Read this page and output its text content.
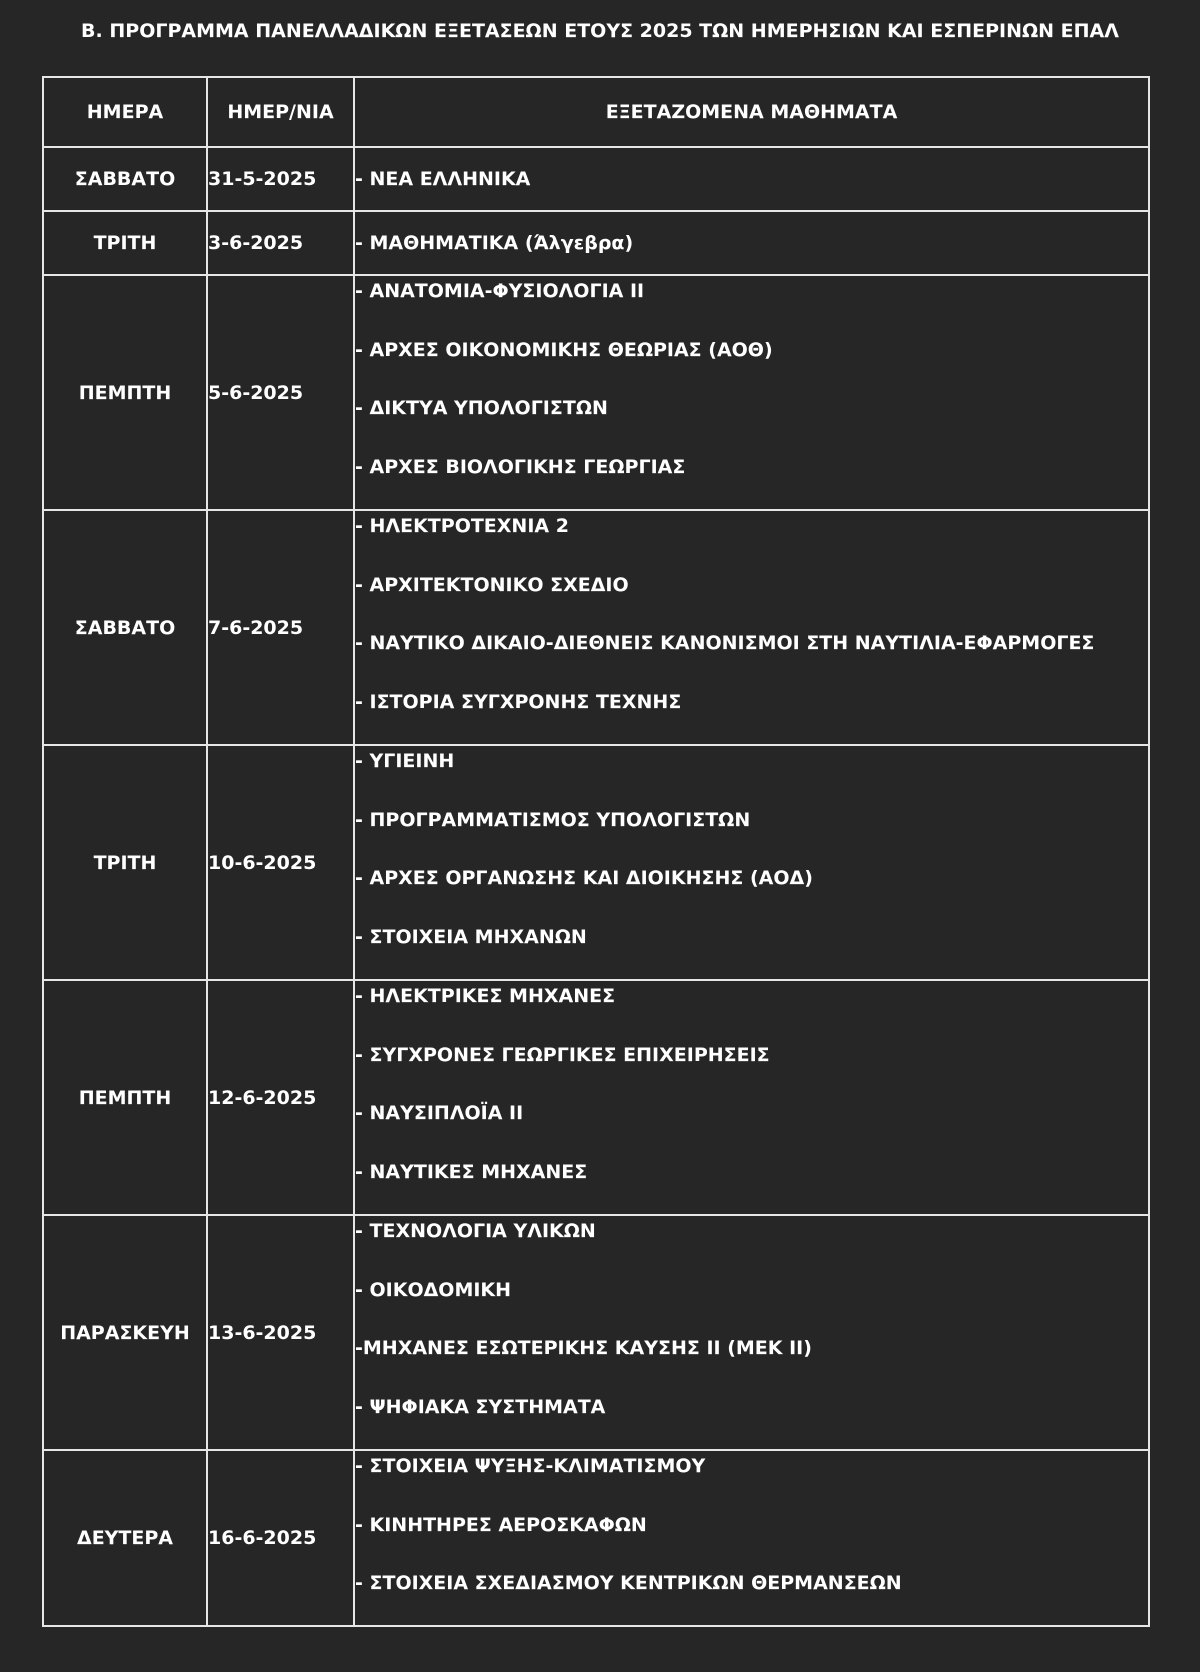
Β. ΠΡΟΓΡΑΜΜΑ ΠΑΝΕΛΛΑΔΙΚΩΝ ΕΞΕΤΑΣΕΩΝ ΕΤΟΥΣ 2025 ΤΩΝ ΗΜΕΡΗΣΙΩΝ ΚΑΙ ΕΣΠΕΡΙΝΩΝ ΕΠΑΛ
ΗΜΕΡΑ	ΗΜΕΡ/ΝΙΑ	ΕΞΕΤΑΖΟΜΕΝΑ ΜΑΘΗΜΑΤΑ
ΣΑΒΒΑΤΟ	31-5-2025	- ΝΕΑ ΕΛΛΗΝΙΚΑ

ΤΡΙΤΗ	3-6-2025	- ΜΑΘΗΜΑΤΙΚΑ (Άλγεβρα)

ΠΕΜΠΤΗ	5-6-2025	- ΑΝΑΤΟΜΙΑ-ΦΥΣΙΟΛΟΓΙΑ ΙΙ
- ΑΡΧΕΣ ΟΙΚΟΝΟΜΙΚΗΣ ΘΕΩΡΙΑΣ (ΑΟΘ)
- ΔΙΚΤΥΑ ΥΠΟΛΟΓΙΣΤΩΝ
- ΑΡΧΕΣ ΒΙΟΛΟΓΙΚΗΣ ΓΕΩΡΓΙΑΣ

ΣΑΒΒΑΤΟ	7-6-2025	- ΗΛΕΚΤΡΟΤΕΧΝΙΑ 2
- ΑΡΧΙΤΕΚΤΟΝΙΚΟ ΣΧΕΔΙΟ
- ΝΑΥΤΙΚΟ ΔΙΚΑΙΟ-ΔΙΕΘΝΕΙΣ ΚΑΝΟΝΙΣΜΟΙ ΣΤΗ ΝΑΥΤΙΛΙΑ-ΕΦΑΡΜΟΓΕΣ
- ΙΣΤΟΡΙΑ ΣΥΓΧΡΟΝΗΣ ΤΕΧΝΗΣ

ΤΡΙΤΗ	10-6-2025	- ΥΓΙΕΙΝΗ
- ΠΡΟΓΡΑΜΜΑΤΙΣΜΟΣ ΥΠΟΛΟΓΙΣΤΩΝ
- ΑΡΧΕΣ ΟΡΓΑΝΩΣΗΣ ΚΑΙ ΔΙΟΙΚΗΣΗΣ (ΑΟΔ)
- ΣΤΟΙΧΕΙΑ ΜΗΧΑΝΩΝ

ΠΕΜΠΤΗ	12-6-2025	- ΗΛΕΚΤΡΙΚΕΣ ΜΗΧΑΝΕΣ
- ΣΥΓΧΡΟΝΕΣ ΓΕΩΡΓΙΚΕΣ ΕΠΙΧΕΙΡΗΣΕΙΣ
- ΝΑΥΣΙΠΛΟΪΑ ΙΙ
- ΝΑΥΤΙΚΕΣ ΜΗΧΑΝΕΣ

ΠΑΡΑΣΚΕΥΗ	13-6-2025	- ΤΕΧΝΟΛΟΓΙΑ ΥΛΙΚΩΝ
- ΟΙΚΟΔΟΜΙΚΗ
-ΜΗΧΑΝΕΣ ΕΣΩΤΕΡΙΚΗΣ ΚΑΥΣΗΣ ΙΙ (ΜΕΚ ΙΙ)
- ΨΗΦΙΑΚΑ ΣΥΣΤΗΜΑΤΑ

ΔΕΥΤΕΡΑ	16-6-2025	- ΣΤΟΙΧΕΙΑ ΨΥΞΗΣ-ΚΛΙΜΑΤΙΣΜΟΥ
- ΚΙΝΗΤΗΡΕΣ ΑΕΡΟΣΚΑΦΩΝ
- ΣΤΟΙΧΕΙΑ ΣΧΕΔΙΑΣΜΟΥ ΚΕΝΤΡΙΚΩΝ ΘΕΡΜΑΝΣΕΩΝ
